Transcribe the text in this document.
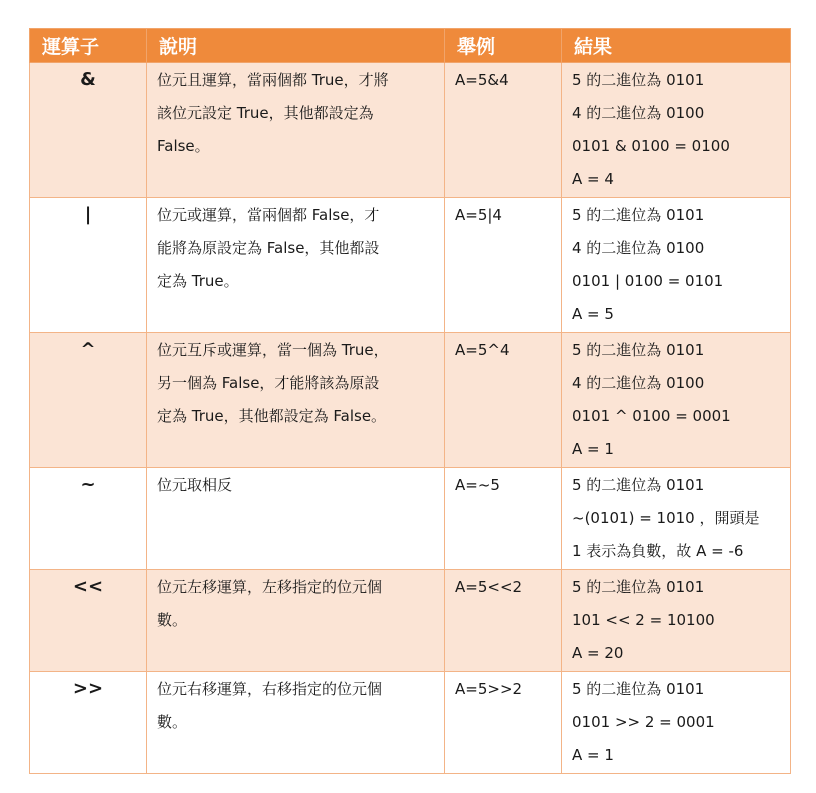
運算子	說明	舉例	結果
&	位元且運算，當兩個都 True，才將
該位元設定 True，其他都設定為
False。	A=5&4	5 的二進位為 0101
4 的二進位為 0100
0101 & 0100 = 0100
A = 4

|	位元或運算，當兩個都 False，才
能將為原設定為 False，其他都設
定為 True。	A=5|4	5 的二進位為 0101
4 的二進位為 0100
0101 | 0100 = 0101
A = 5

^	位元互斥或運算，當一個為 True，
另一個為 False，才能將該為原設
定為 True，其他都設定為 False。	A=5^4	5 的二進位為 0101
4 的二進位為 0100
0101 ^ 0100 = 0001
A = 1

~	位元取相反	A=~5	5 的二進位為 0101
~(0101) = 1010 ，開頭是
1 表示為負數，故 A = -6

<<	位元左移運算，左移指定的位元個
數。	A=5<<2	5 的二進位為 0101
101 << 2 = 10100
A = 20

>>	位元右移運算，右移指定的位元個
數。	A=5>>2	5 的二進位為 0101
0101 >> 2 = 0001
A = 1
